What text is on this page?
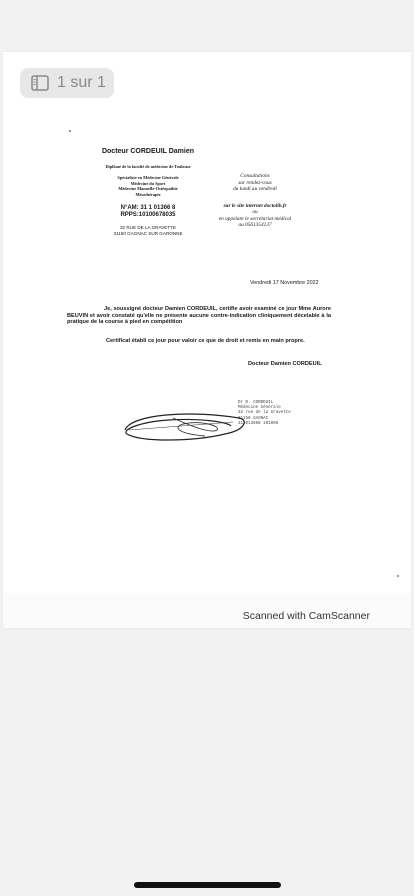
Docteur CORDEUIL Damien
Diplômé de la faculté de médecine de Toulouse
Spécialiste en Médecine Générale
Médecine du Sport
Médecine Manuelle-Ostéopathie
Mésothérapie
N°AM: 31 1 01366 8
RPPS:10100678035
32 RUE DE LA GRAVETTE
31150 GAGNAC SUR GARONNE
Consultations
sur rendez-vous
du lundi au vendredi
sur le site internet doctolib.fr
ou
en appelant le secrétariat médical
au 0561354137
Vendredi 17 Novembre 2022
Je, soussigné docteur Damien CORDEUIL, certifie avoir examiné ce jour Mme Aurore BEUVIN et avoir constaté qu'elle ne présente aucune contre-indication cliniquement décelable à la pratique de la course à pied en compétition
Certificat établi ce jour pour valoir ce que de droit et remis en main propre.
Docteur Damien CORDEUIL
Dr D. CORDEUIL
Médecine Générale
32 rue de la Gravette
31150 GAGNAC
311013668 101006
Scanned with CamScanner
1 sur 1
